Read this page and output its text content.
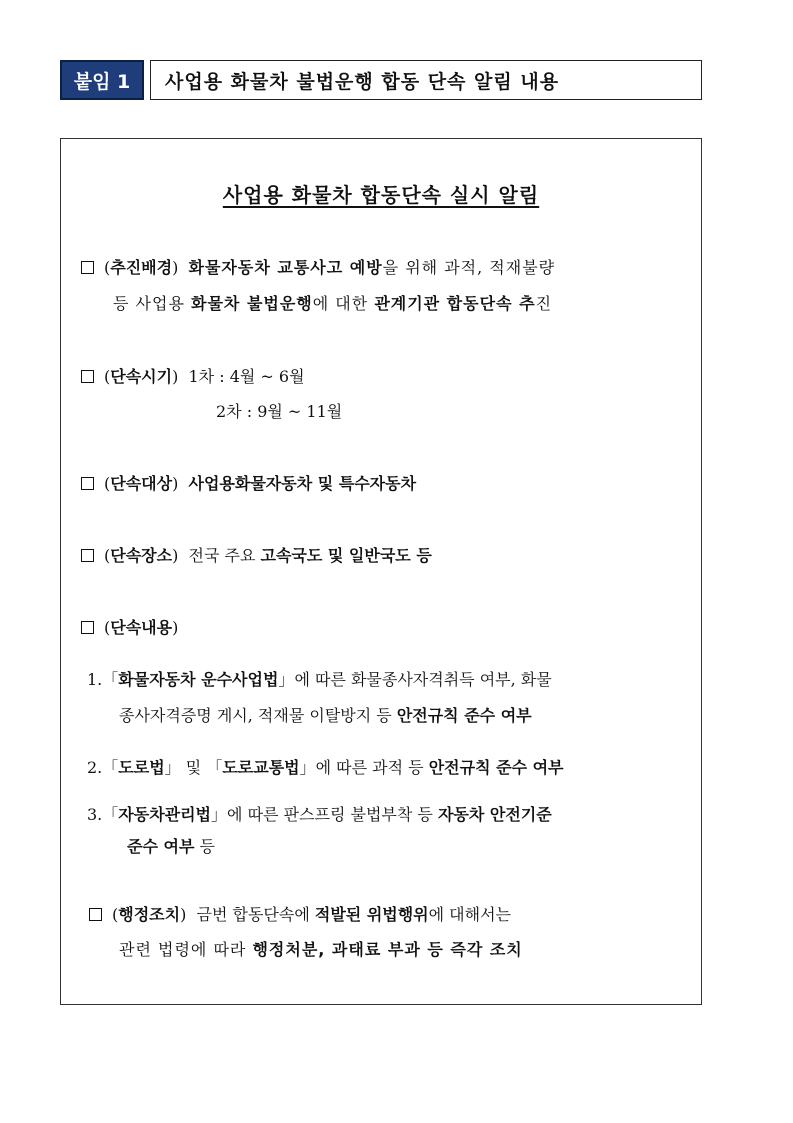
붙임 1	사업용 화물차 불법운행 합동 단속 알림 내용
사업용 화물차 합동단속 실시 알림
(추진배경)  화물자동차 교통사고 예방을 위해 과적, 적재불량
등 사업용 화물차 불법운행에 대한 관계기관 합동단속 추진
(단속시기)  1차 : 4월 ~ 6월
2차 : 9월 ~ 11월
(단속대상)  사업용화물자동차 및 특수자동차
(단속장소)  전국 주요 고속국도 및 일반국도 등
(단속내용)
1.「화물자동차 운수사업법」에 따른 화물종사자격취득 여부, 화물
종사자격증명 게시, 적재물 이탈방지 등 안전규칙 준수 여부
2.「도로법」 및 「도로교통법」에 따른 과적 등 안전규칙 준수 여부
3.「자동차관리법」에 따른 판스프링 불법부착 등 자동차 안전기준
준수 여부 등
(행정조치)  금번 합동단속에 적발된 위법행위에 대해서는
관련 법령에 따라 행정처분, 과태료 부과 등 즉각 조치
